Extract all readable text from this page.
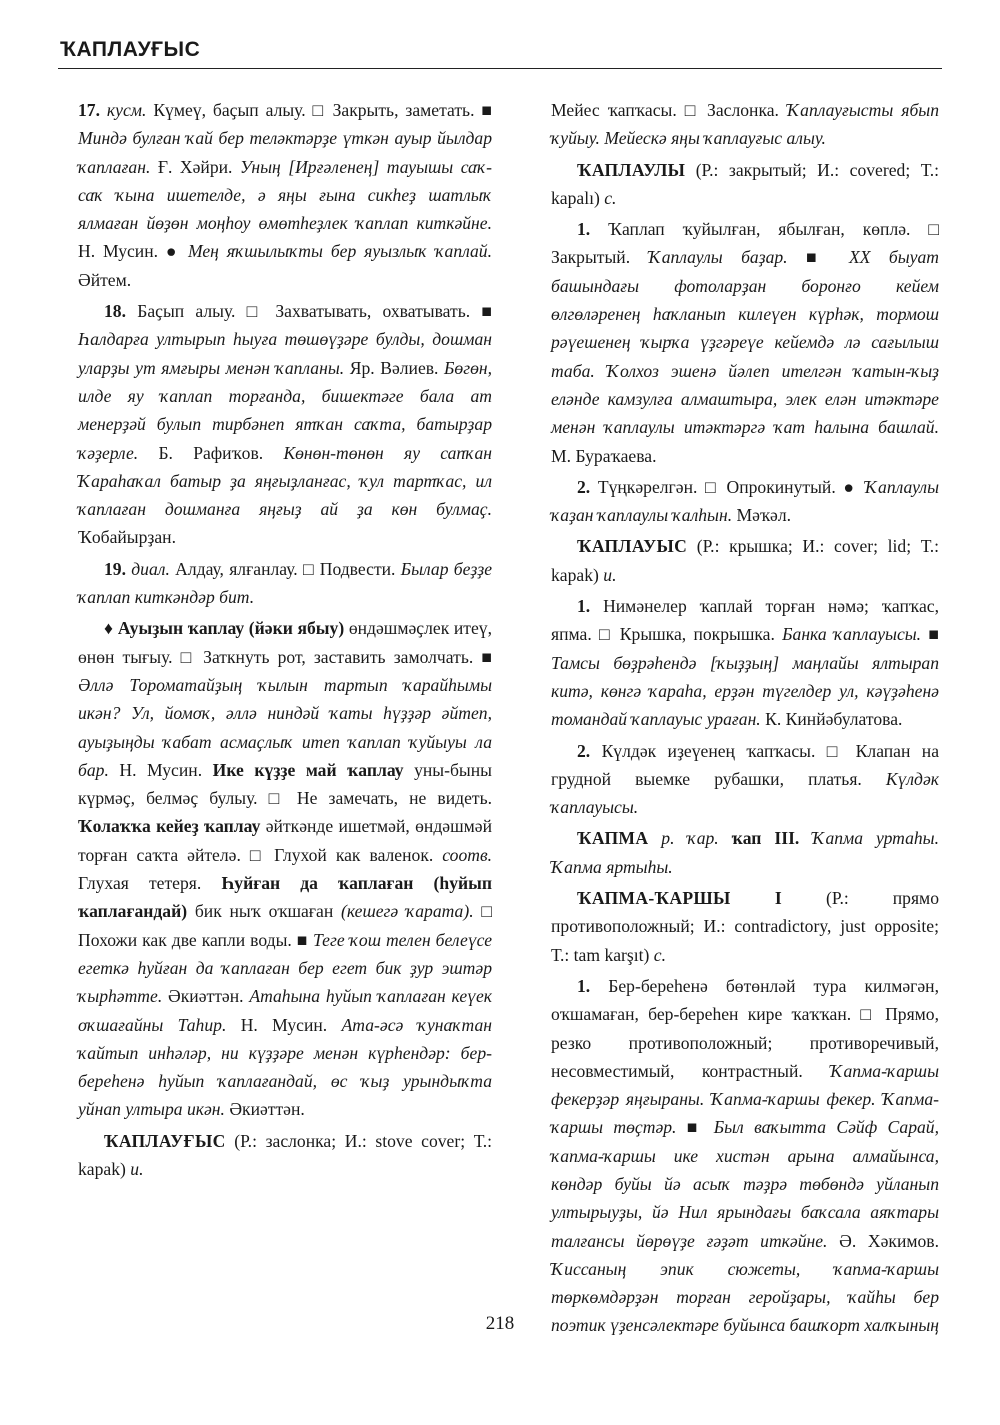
ҠАПЛАУҒЫС

17. кусм. Күмеү, баҫып алыу. □ Закрыть, заметать. ■ Миндә булған ҡай бер теләктәрҙе үткән ауыр йылдар ҡаплаған. Ғ. Хәйри. Уның [Ирғәленең] тауышы саҡ-саҡ ҡына ишетелде, ә яңы ғына сикһеҙ шатлыҡ ялмаған йөҙөн моңһоу өмөтһеҙлек ҡаплап киткәйне. Н. Мусин. ● Мең яҡшылыҡты бер яуызлыҡ ҡаплай. Әйтем.

18. Баҫып алыу. □ Захватывать, охватывать. ■ Һалдарға ултырып һыуға төшөүҙәре булды, дошман уларҙы ут ямғыры менән ҡапланы. Яр. Вәлиев. Бөгөн, илде яу ҡаплап торғанда, бишектәге бала ат менерҙәй булып тирбәнеп ятҡан саҡта, батырҙар ҡәҙерле. Б. Рафиҡов. Көнөн-төнөн яу сапҡан Ҡараһаҡал батыр ҙа яңғыҙланғас, ҡул тартҡас, ил ҡаплаған дошманға яңғыҙ ай ҙа көн булмаҫ. Ҡобайырҙан.

19. диал. Алдау, ялғанлау. □ Подвести. Былар беҙҙе ҡаплап киткәндәр бит.

♦ Ауыҙын ҡаплау (йәки ябыу) өндәшмәҫлек итеү, өнөн тығыу. □ Заткнуть рот, заставить замолчать. ■ Әллә Тороматайҙың ҡылын тартып ҡарайһымы икән? Ул, йомоҡ, әллә ниндәй ҡаты һүҙҙәр әйтеп, ауыҙыңды ҡабат асмаҫлыҡ итеп ҡаплап ҡуйыуы ла бар. Н. Мусин. Ике күҙҙе май ҡаплау уны-быны күрмәҫ, белмәҫ булыу. □ Не замечать, не видеть. Ҡолаҡҡа кейеҙ ҡаплау әйткәнде ишетмәй, өндәшмәй торған саҡта әйтелә. □ Глухой как валенок. соотв. Глухая тетеря. Һуйған да ҡаплаған (һуйып ҡаплағандай) бик ныҡ оҡшаған (кешегә ҡарата). □ Похожи как две капли воды. ■ Теге ҡош телен белеүсе егеткә һуйған да ҡаплаған бер егет бик ҙур эштәр ҡырһәтте. Әкиәттән. Атаһына һуйып ҡаплаған кеүек оҡшағайны Таһир. Н. Мусин. Ата-әсә ҡунаҡтан ҡайтып инһәләр, ни күҙҙәре менән күрһендәр: бер-береһенә һуйып ҡаплағандай, өс ҡыҙ урындыҡта уйнап ултыра икән. Әкиәттән.

ҠАПЛАУҒЫС (Р.: заслонка; И.: stove cover; Т.: kapak) и.

Мейес ҡапҡасы. □ Заслонка. Ҡаплауғысты ябып ҡуйыу. Мейескә яңы ҡаплауғыс алыу.

ҠАПЛАУЛЫ (Р.: закрытый; И.: covered; Т.: kapalı) с.

1. Ҡаплап ҡуйылған, ябылған, көплә. □ Закрытый. Ҡаплаулы баҙар. ■ XX быуат башындағы фотоларҙан боронғо кейем өлгөләренең һаҡланып килеүен күрһәк, тормош рәүешенең ҡырҡа үҙгәреүе кейемдә лә сағылыш таба. Ҡолхоз эшенә йәлеп ителгән ҡатын-ҡыҙ еләнде камзулға алмаштыра, элек елән итәктәре менән ҡаплаулы итәктәргә ҡат һалына башлай. М. Бураҡаева.

2. Түңкәрелгән. □ Опрокинутый. ● Ҡаплаулы ҡаҙан ҡаплаулы ҡалһын. Мәҡәл.

ҠАПЛАУЫС (Р.: крышка; И.: cover; lid; Т.: kapak) и.

1. Нимәнелер ҡаплай торған нәмә; ҡапҡас, япма. □ Крышка, покрышка. Банка ҡаплауысы. ■ Тамсы бөҙрәһендә [ҡыҙҙың] маңлайы ялтырап китә, көнгә ҡараһа, ерҙән түгелдер ул, кәүҙәһенә томандай ҡаплауыс ураған. К. Кинйәбулатова.

2. Күлдәк иҙеүенең ҡапҡасы. □ Клапан на грудной выемке рубашки, платья. Күлдәк ҡаплауысы.

ҠАПМА р. ҡар. ҡап III. Ҡапма уртаһы. Ҡапма яртыһы.

ҠАПМА-ҠАРШЫ I (Р.: прямо противоположный; И.: contradictory, just opposite; Т.: tam karşıt) с.

1. Бер-береһенә бөтөнләй тура килмәгән, оҡшамаған, бер-береһен кире ҡаҡҡан. □ Прямо, резко противоположный; противоречивый, несовместимый, контрастный. Ҡапма-ҡаршы фекерҙәр яңғыраны. Ҡапма-ҡаршы фекер. Ҡапма-ҡаршы төҫтәр. ■ Был ваҡытта Сәйф Сарай, ҡапма-ҡаршы ике хистән арына алмайынса, көндәр буйы йә асыҡ тәҙрә төбөндә уйланып ултырыуҙы, йә Нил ярындағы баҡсала аяҡтары талғансы йөрөүҙе ғәҙәт иткәйне. Ә. Хәкимов. Ҡиссаның эпик сюжеты, ҡапма-ҡаршы төркөмдәрҙән торған геройҙары, ҡайһы бер поэтик үҙенсәлектәре буйынса башҡорт халҡының

218
